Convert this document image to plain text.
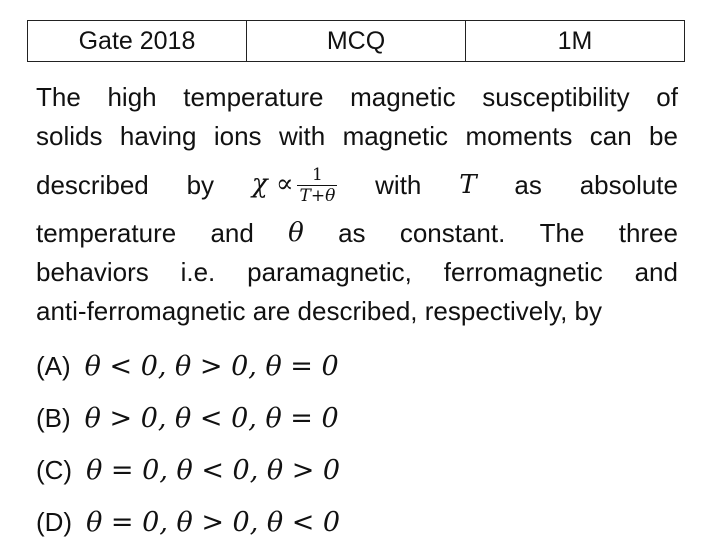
Gate 2018	MCQ	1M
The high temperature magnetic susceptibility of
solids having ions with magnetic moments can be
described by $\chi \propto \frac{1}{T+\theta}$ with T as absolute
temperature and θ as constant. The three
behaviors i.e. paramagnetic, ferromagnetic and
anti-ferromagnetic are described, respectively, by
(A) θ < 0, θ > 0, θ = 0
(B) θ > 0, θ < 0, θ = 0
(C) θ = 0, θ < 0, θ > 0
(D) θ = 0, θ > 0, θ < 0
